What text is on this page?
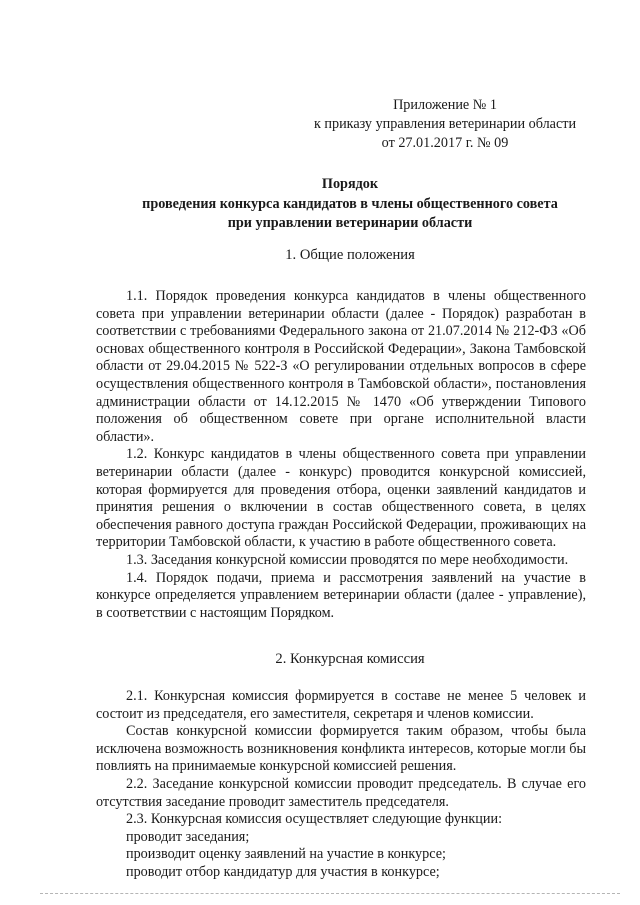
Приложение № 1
к приказу управления ветеринарии области
от 27.01.2017 г. № 09
Порядок
проведения конкурса кандидатов в члены общественного совета
при управлении ветеринарии области
1. Общие положения

1.1. Порядок проведения конкурса кандидатов в члены общественного совета при управлении ветеринарии области (далее - Порядок) разработан в соответствии с требованиями Федерального закона от 21.07.2014 № 212-ФЗ «Об основах общественного контроля в Российской Федерации», Закона Тамбовской области от 29.04.2015 № 522-З «О регулировании отдельных вопросов в сфере осуществления общественного контроля в Тамбовской области», постановления администрации области от 14.12.2015 № 1470 «Об утверждении Типового положения об общественном совете при органе исполнительной власти области».

1.2. Конкурс кандидатов в члены общественного совета при управлении ветеринарии области (далее - конкурс) проводится конкурсной комиссией, которая формируется для проведения отбора, оценки заявлений кандидатов и принятия решения о включении в состав общественного совета, в целях обеспечения равного доступа граждан Российской Федерации, проживающих на территории Тамбовской области, к участию в работе общественного совета.

1.3. Заседания конкурсной комиссии проводятся по мере необходимости.

1.4. Порядок подачи, приема и рассмотрения заявлений на участие в конкурсе определяется управлением ветеринарии области (далее - управление), в соответствии с настоящим Порядком.

2. Конкурсная комиссия

2.1. Конкурсная комиссия формируется в составе не менее 5 человек и состоит из председателя, его заместителя, секретаря и членов комиссии.

Состав конкурсной комиссии формируется таким образом, чтобы была исключена возможность возникновения конфликта интересов, которые могли бы повлиять на принимаемые конкурсной комиссией решения.

2.2. Заседание конкурсной комиссии проводит председатель. В случае его отсутствия заседание проводит заместитель председателя.

2.3. Конкурсная комиссия осуществляет следующие функции:

проводит заседания;

производит оценку заявлений на участие в конкурсе;

проводит отбор кандидатур для участия в конкурсе;
